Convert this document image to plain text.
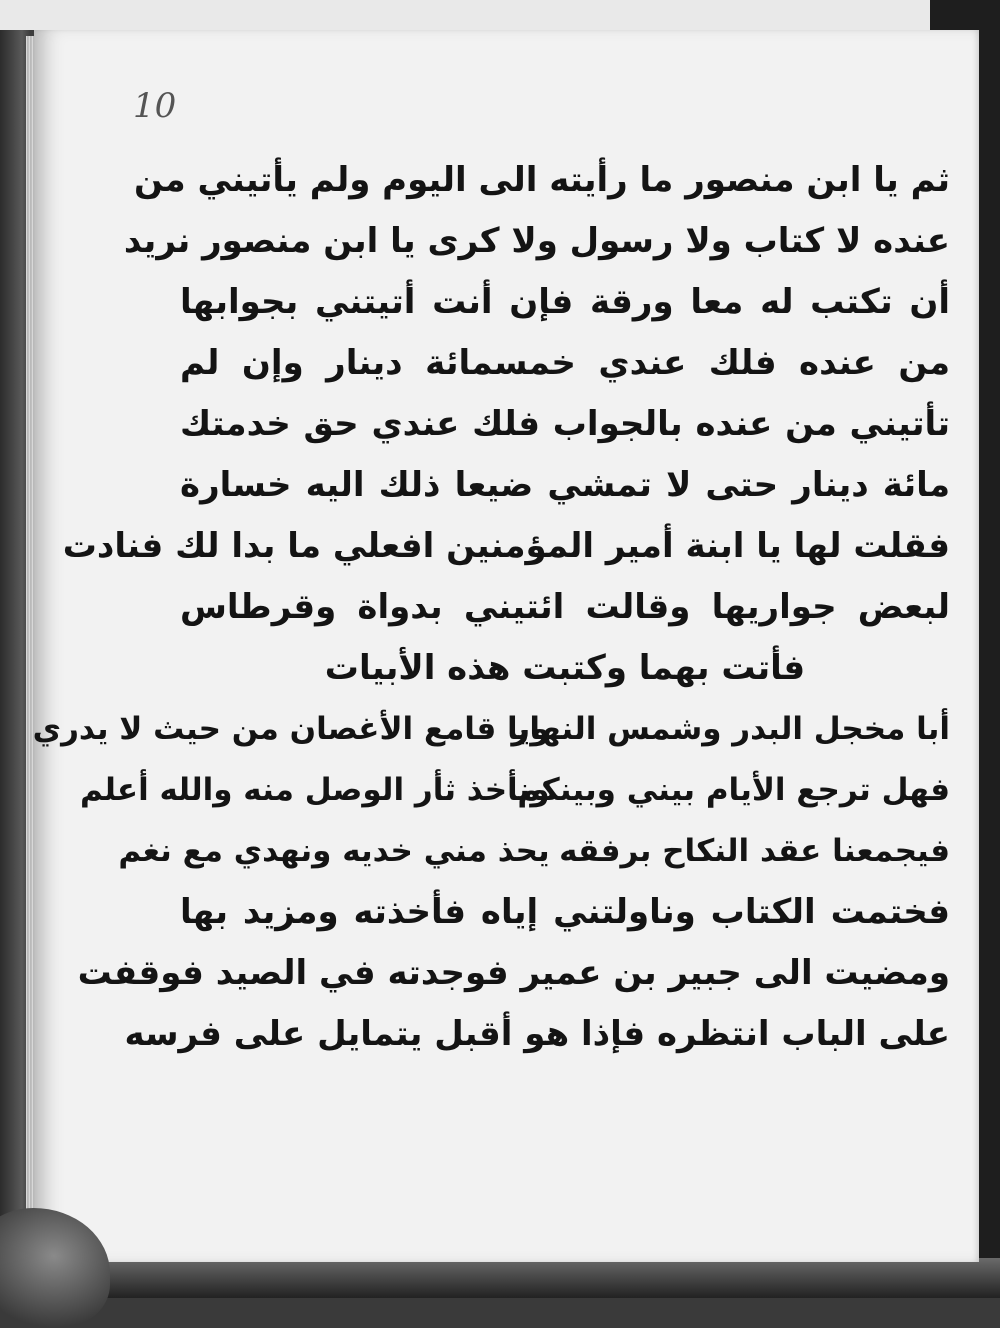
10
ثم يا ابن منصور ما رأيته الى اليوم ولم يأتيني من
عنده لا كتاب ولا رسول ولا كرى يا ابن منصور نريد
أن تكتب له معا ورقة فإن أنت أتيتني بجوابها
من عنده فلك عندي خمسمائة دينار وإن لم
تأتيني من عنده بالجواب فلك عندي حق خدمتك
مائة دينار حتى لا تمشي ضيعا ذلك اليه خسارة
فقلت لها يا ابنة أمير المؤمنين افعلي ما بدا لك فنادت
لبعض جواريها وقالت ائتيني بدواة وقرطاس
فأتت بهما وكتبت هذه الأبيات
أبا مخجل البدر وشمس النهار
ويا قامع الأغصان من حيث لا يدري
فهل ترجع الأيام بيني وبينكم
ونأخذ ثأر الوصل منه والله أعلم
فيجمعنا عقد النكاح برفقه
يحذ مني خديه ونهدي مع نغم
فختمت الكتاب وناولتني إياه فأخذته ومزيد بها
ومضيت الى جبير بن عمير فوجدته في الصيد فوقفت
على الباب انتظره فإذا هو أقبل يتمايل على فرسه
